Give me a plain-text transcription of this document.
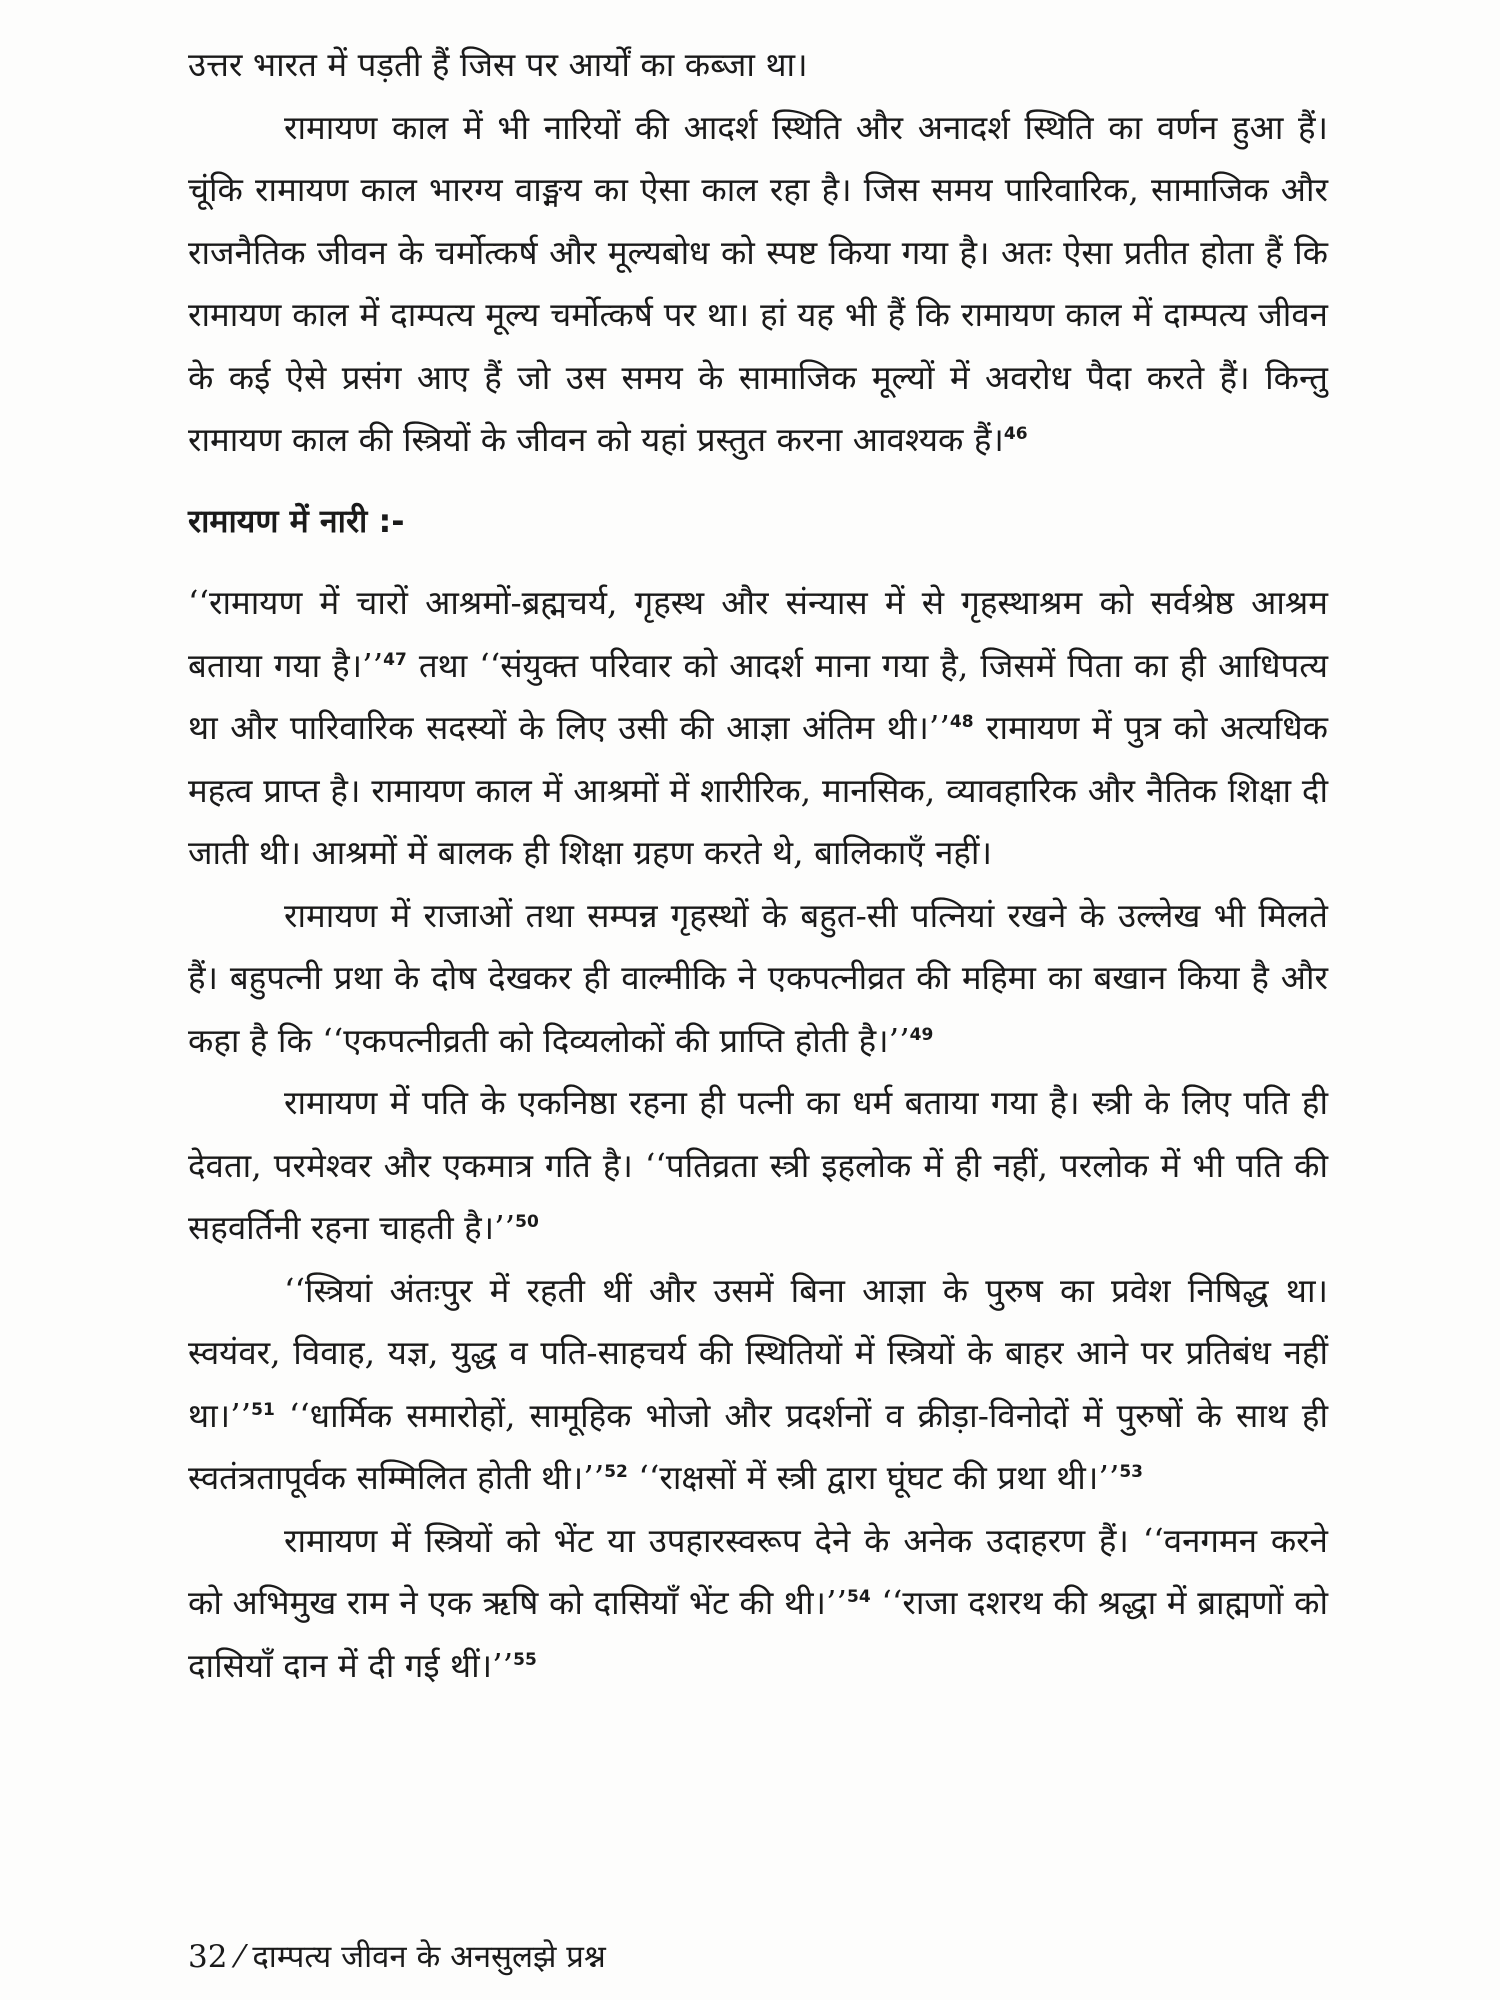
उत्तर भारत में पड़ती हैं जिस पर आर्यों का कब्जा था।

रामायण काल में भी नारियों की आदर्श स्थिति और अनादर्श स्थिति का वर्णन हुआ हैं। चूंकि रामायण काल भारग्य वाङ्मय का ऐसा काल रहा है। जिस समय पारिवारिक, सामाजिक और राजनैतिक जीवन के चर्मोत्कर्ष और मूल्यबोध को स्पष्ट किया गया है। अतः ऐसा प्रतीत होता हैं कि रामायण काल में दाम्पत्य मूल्य चर्मोत्कर्ष पर था। हां यह भी हैं कि रामायण काल में दाम्पत्य जीवन के कई ऐसे प्रसंग आए हैं जो उस समय के सामाजिक मूल्यों में अवरोध पैदा करते हैं। किन्तु रामायण काल की स्त्रियों के जीवन को यहां प्रस्तुत करना आवश्यक हैं।$^{46}$

रामायण में नारी :-

‘‘रामायण में चारों आश्रमों-ब्रह्मचर्य, गृहस्थ और संन्यास में से गृहस्थाश्रम को सर्वश्रेष्ठ आश्रम बताया गया है।’’$^{47}$ तथा ‘‘संयुक्त परिवार को आदर्श माना गया है, जिसमें पिता का ही आधिपत्य था और पारिवारिक सदस्यों के लिए उसी की आज्ञा अंतिम थी।’’$^{48}$ रामायण में पुत्र को अत्यधिक महत्व प्राप्त है। रामायण काल में आश्रमों में शारीरिक, मानसिक, व्यावहारिक और नैतिक शिक्षा दी जाती थी। आश्रमों में बालक ही शिक्षा ग्रहण करते थे, बालिकाएँ नहीं।

रामायण में राजाओं तथा सम्पन्न गृहस्थों के बहुत-सी पत्नियां रखने के उल्लेख भी मिलते हैं। बहुपत्नी प्रथा के दोष देखकर ही वाल्मीकि ने एकपत्नीव्रत की महिमा का बखान किया है और कहा है कि ‘‘एकपत्नीव्रती को दिव्यलोकों की प्राप्ति होती है।’’$^{49}$

रामायण में पति के एकनिष्ठा रहना ही पत्नी का धर्म बताया गया है। स्त्री के लिए पति ही देवता, परमेश्वर और एकमात्र गति है। ‘‘पतिव्रता स्त्री इहलोक में ही नहीं, परलोक में भी पति की सहवर्तिनी रहना चाहती है।’’$^{50}$

‘‘स्त्रियां अंतःपुर में रहती थीं और उसमें बिना आज्ञा के पुरुष का प्रवेश निषिद्ध था। स्वयंवर, विवाह, यज्ञ, युद्ध व पति-साहचर्य की स्थितियों में स्त्रियों के बाहर आने पर प्रतिबंध नहीं था।’’$^{51}$ ‘‘धार्मिक समारोहों, सामूहिक भोजो और प्रदर्शनों व क्रीड़ा-विनोदों में पुरुषों के साथ ही स्वतंत्रतापूर्वक सम्मिलित होती थी।’’$^{52}$ ‘‘राक्षसों में स्त्री द्वारा घूंघट की प्रथा थी।’’$^{53}$

रामायण में स्त्रियों को भेंट या उपहारस्वरूप देने के अनेक उदाहरण हैं। ‘‘वनगमन करने को अभिमुख राम ने एक ऋषि को दासियाँ भेंट की थी।’’$^{54}$ ‘‘राजा दशरथ की श्रद्धा में ब्राह्मणों को दासियाँ दान में दी गई थीं।’’$^{55}$

32 ⁄ दाम्पत्य जीवन के अनसुलझे प्रश्न
